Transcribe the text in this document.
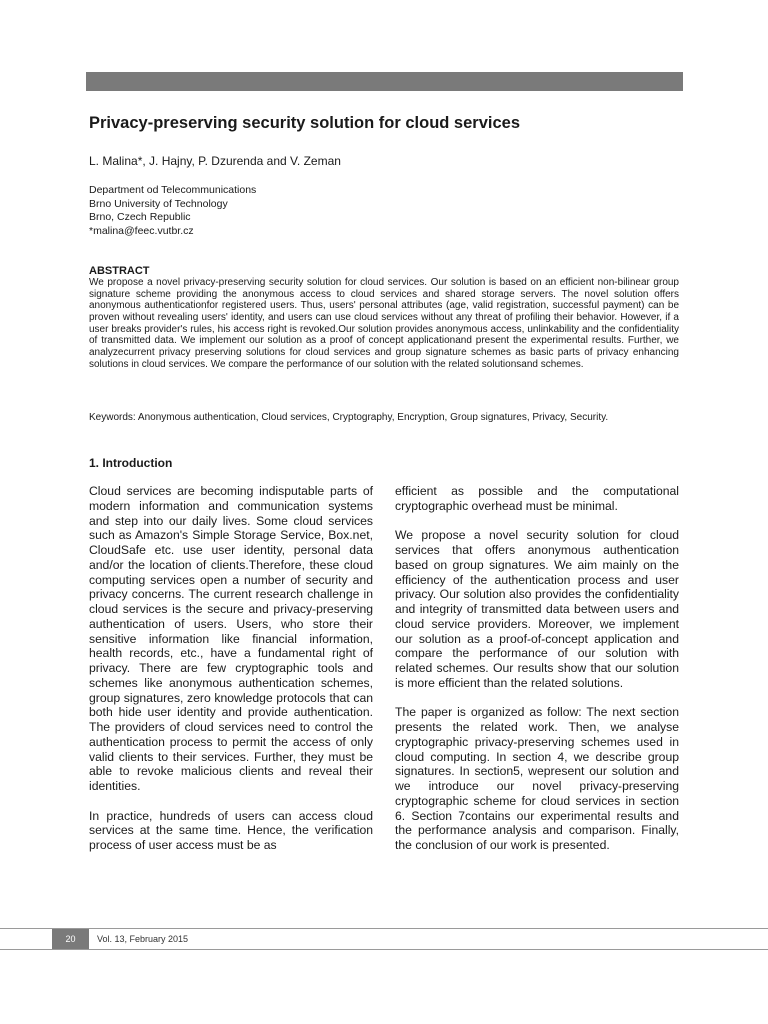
Privacy-preserving security solution for cloud services
L. Malina*, J. Hajny, P. Dzurenda and V. Zeman
Department od Telecommunications
Brno University of Technology
Brno, Czech Republic
*malina@feec.vutbr.cz
ABSTRACT

We propose a novel privacy-preserving security solution for cloud services. Our solution is based on an efficient non-bilinear group signature scheme providing the anonymous access to cloud services and shared storage servers. The novel solution offers anonymous authenticationfor registered users. Thus, users' personal attributes (age, valid registration, successful payment) can be proven without revealing users' identity, and users can use cloud services without any threat of profiling their behavior. However, if a user breaks provider's rules, his access right is revoked.Our solution provides anonymous access, unlinkability and the confidentiality of transmitted data. We implement our solution as a proof of concept applicationand present the experimental results. Further, we analyzecurrent privacy preserving solutions for cloud services and group signature schemes as basic parts of privacy enhancing solutions in cloud services. We compare the performance of our solution with the related solutionsand schemes.

Keywords: Anonymous authentication, Cloud services, Cryptography, Encryption, Group signatures, Privacy, Security.

1. Introduction

Cloud services are becoming indisputable parts of modern information and communication systems and step into our daily lives. Some cloud services such as Amazon's Simple Storage Service, Box.net, CloudSafe etc. use user identity, personal data and/or the location of clients.Therefore, these cloud computing services open a number of security and privacy concerns. The current research challenge in cloud services is the secure and privacy-preserving authentication of users. Users, who store their sensitive information like financial information, health records, etc., have a fundamental right of privacy. There are few cryptographic tools and schemes like anonymous authentication schemes, group signatures, zero knowledge protocols that can both hide user identity and provide authentication. The providers of cloud services need to control the authentication process to permit the access of only valid clients to their services. Further, they must be able to revoke malicious clients and reveal their identities.

In practice, hundreds of users can access cloud services at the same time. Hence, the verification process of user access must be as

efficient as possible and the computational cryptographic overhead must be minimal.

We propose a novel security solution for cloud services that offers anonymous authentication based on group signatures. We aim mainly on the efficiency of the authentication process and user privacy. Our solution also provides the confidentiality and integrity of transmitted data between users and cloud service providers. Moreover, we implement our solution as a proof-of-concept application and compare the performance of our solution with related schemes. Our results show that our solution is more efficient than the related solutions.

The paper is organized as follow: The next section presents the related work. Then, we analyse cryptographic privacy-preserving schemes used in cloud computing. In section 4, we describe group signatures. In section5, wepresent our solution and we introduce our novel privacy-preserving cryptographic scheme for cloud services in section 6. Section 7contains our experimental results and the performance analysis and comparison. Finally, the conclusion of our work is presented.

20	Vol. 13, February 2015
